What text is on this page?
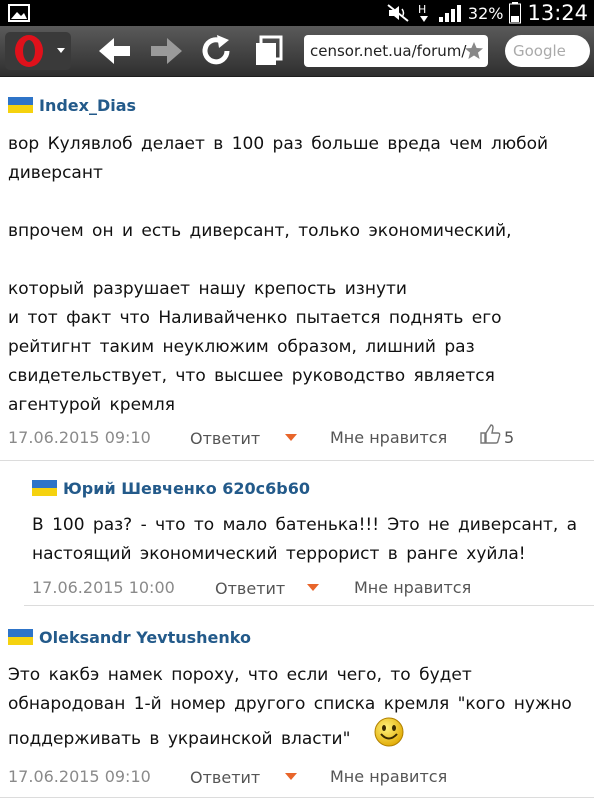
H	32% 13:24
censor.net.ua/forum/	Google
Index_Dias
вор Кулявлоб делает в 100 раз больше вреда чем любой
диверсант
впрочем он и есть диверсант, только экономический,
который разрушает нашу крепость изнути
и тот факт что Наливайченко пытается поднять его
рейтигнт таким неуклюжим образом, лишний раз
свидетельствует, что высшее руководство является
агентурой кремля
17.06.2015 09:10 Ответит	Мне нравится	5
Юрий Шевченко 620c6b60
В 100 раз? - что то мало батенька!!! Это не диверсант, а
настоящий экономический террорист в ранге хуйла!
17.06.2015 10:00	Ответит	Мне нравится
Oleksandr Yevtushenko
Это какбэ намек пороху, что если чего, то будет
обнародован 1-й номер другого списка кремля "кого нужно
поддерживать в украинской власти"
17.06.2015 09:10 Ответит	Мне нравится
